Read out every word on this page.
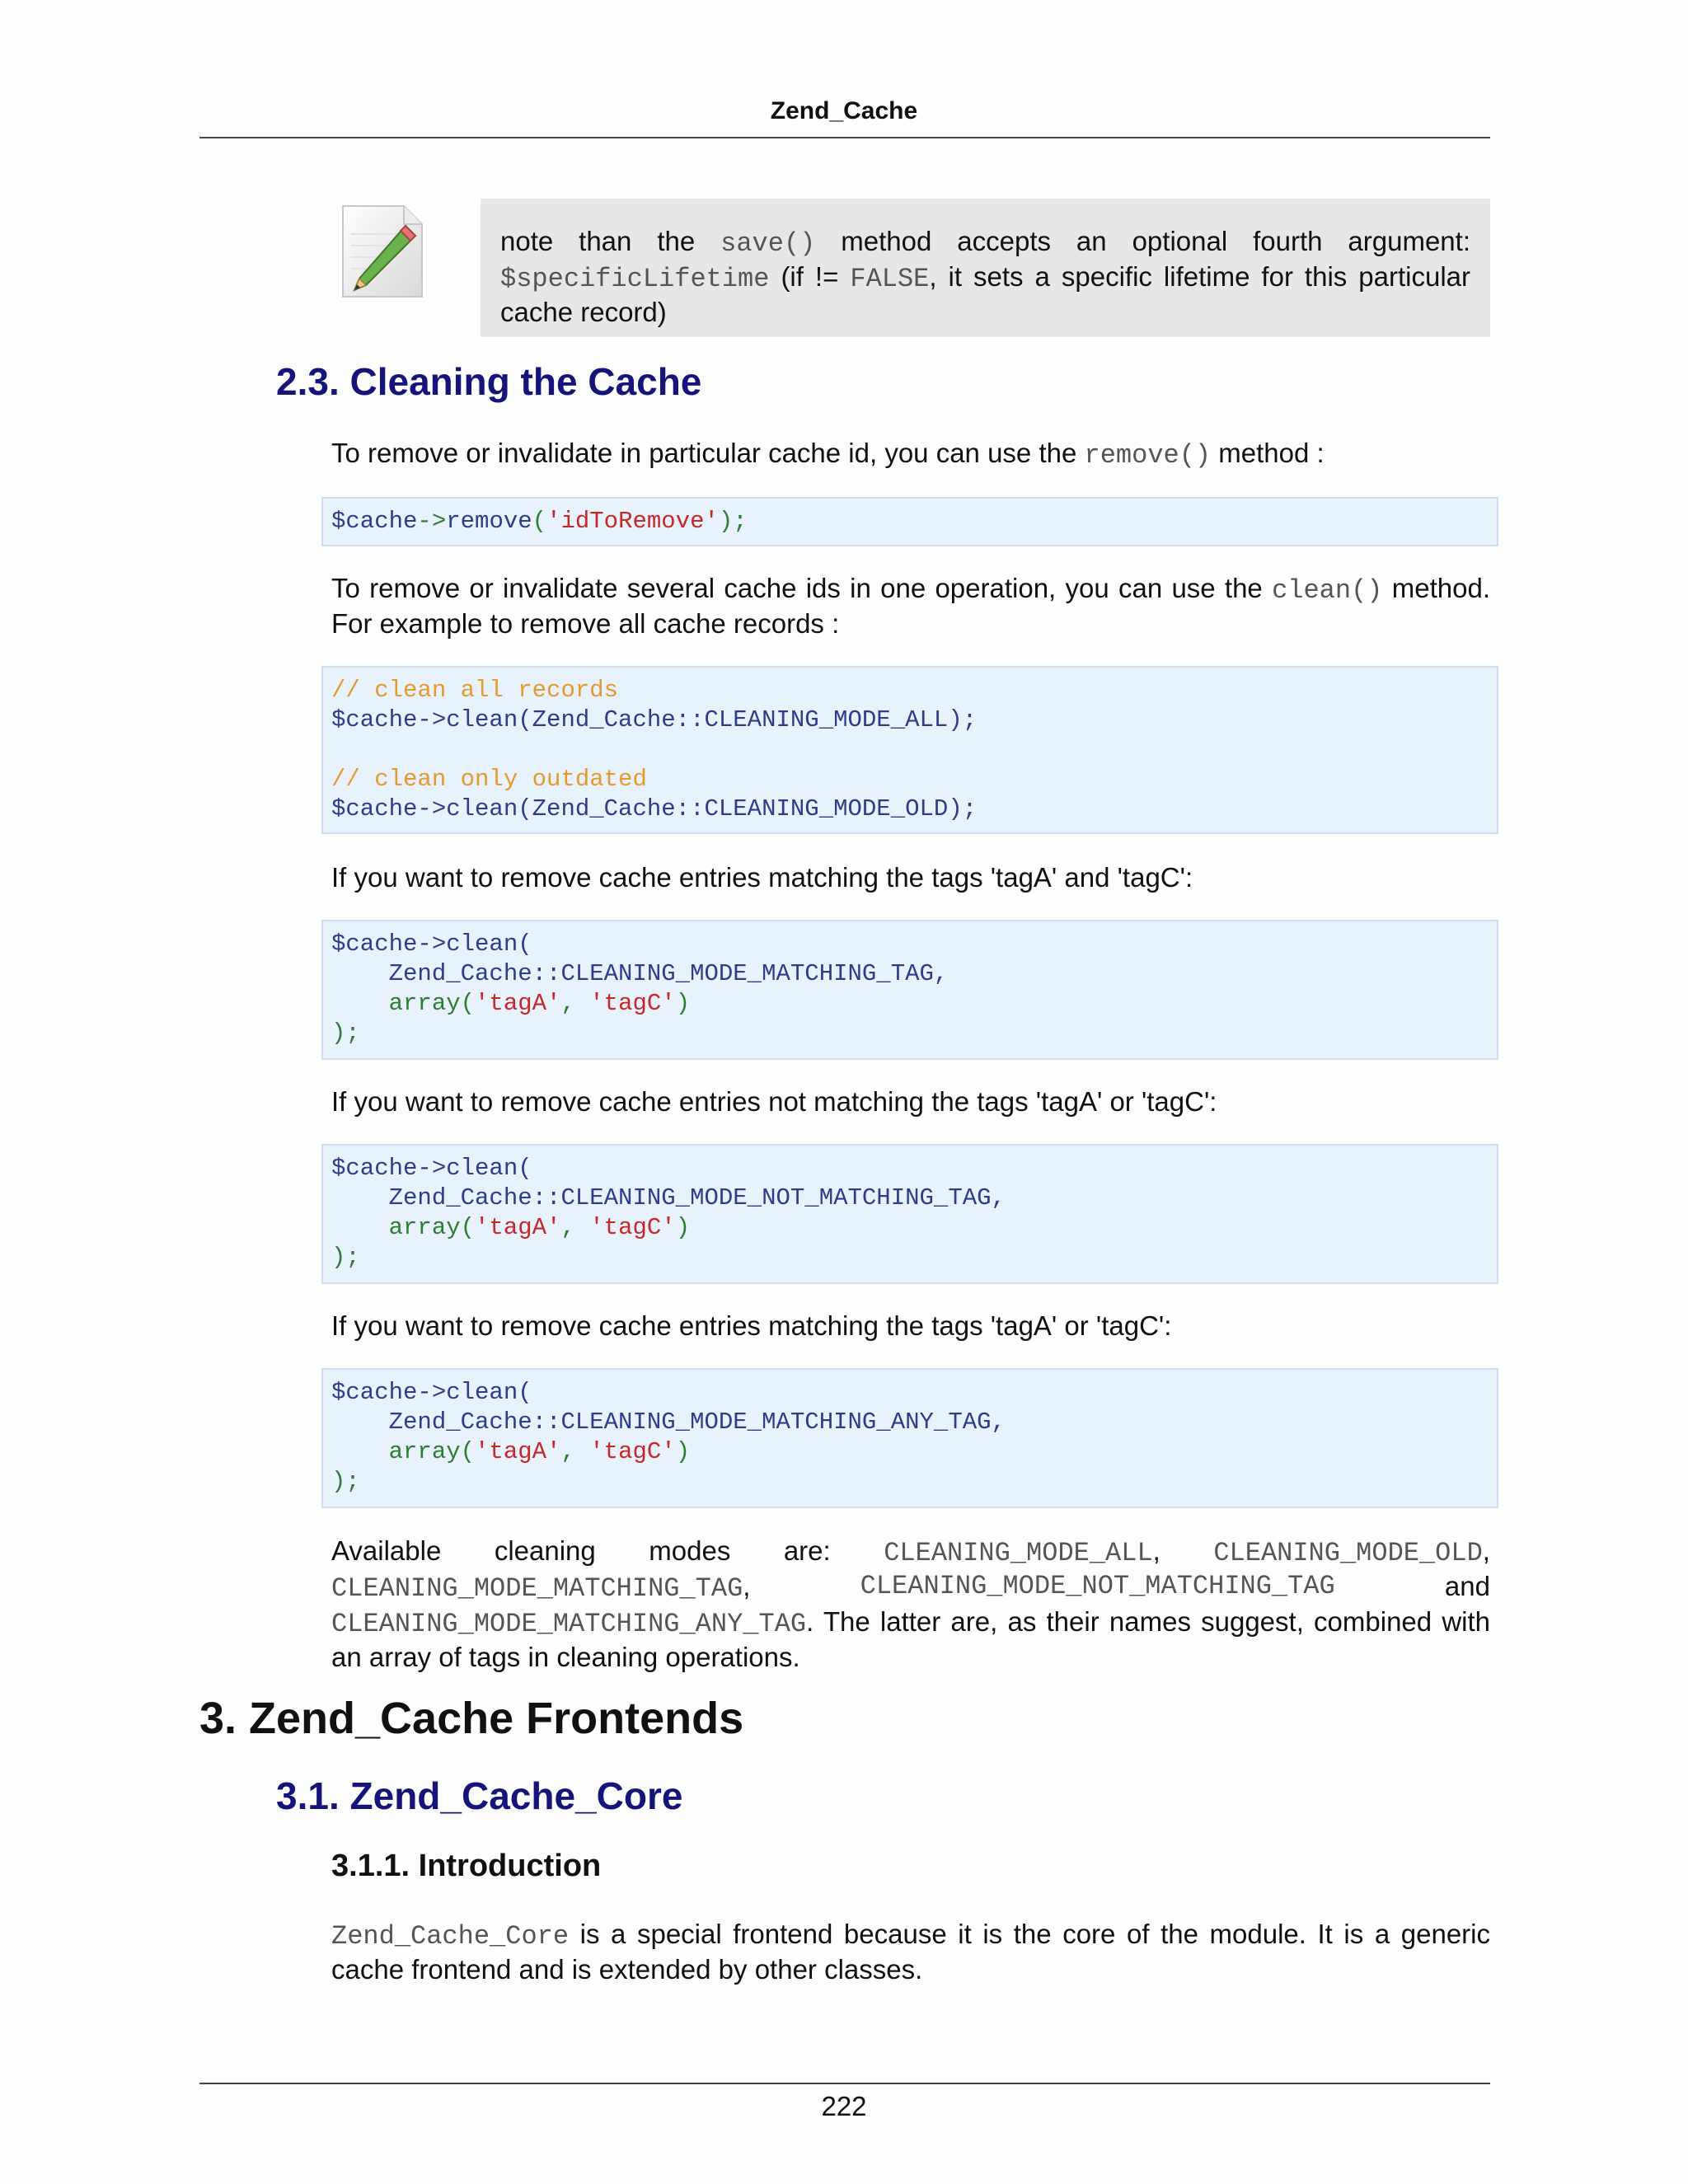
Zend_Cache
note than the save() method accepts an optional fourth argument: $specificLifetime (if != FALSE, it sets a specific lifetime for this particular cache record)
2.3. Cleaning the Cache
To remove or invalidate in particular cache id, you can use the remove() method :
$cache->remove('idToRemove');
To remove or invalidate several cache ids in one operation, you can use the clean() method. For example to remove all cache records :
// clean all records
$cache->clean(Zend_Cache::CLEANING_MODE_ALL);

// clean only outdated
$cache->clean(Zend_Cache::CLEANING_MODE_OLD);
If you want to remove cache entries matching the tags 'tagA' and 'tagC':
$cache->clean(
Zend_Cache::CLEANING_MODE_MATCHING_TAG,
array('tagA', 'tagC')
);
If you want to remove cache entries not matching the tags 'tagA' or 'tagC':
$cache->clean(
Zend_Cache::CLEANING_MODE_NOT_MATCHING_TAG,
array('tagA', 'tagC')
);
If you want to remove cache entries matching the tags 'tagA' or 'tagC':
$cache->clean(
Zend_Cache::CLEANING_MODE_MATCHING_ANY_TAG,
array('tagA', 'tagC')
);
Available cleaning modes are: CLEANING_MODE_ALL, CLEANING_MODE_OLD,
CLEANING_MODE_MATCHING_TAG,	CLEANING_MODE_NOT_MATCHING_TAG	and
CLEANING_MODE_MATCHING_ANY_TAG. The latter are, as their names suggest, combined with an array of tags in cleaning operations.
3. Zend_Cache Frontends
3.1. Zend_Cache_Core
3.1.1. Introduction
Zend_Cache_Core is a special frontend because it is the core of the module. It is a generic cache frontend and is extended by other classes.
222
